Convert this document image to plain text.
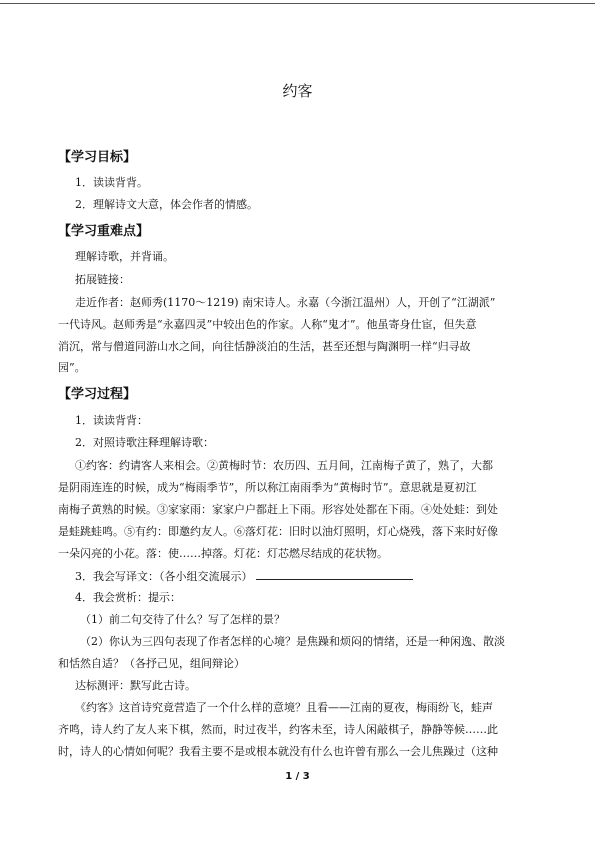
约客
【学习目标】
1．读读背背。
2．理解诗文大意，体会作者的情感。
【学习重难点】
理解诗歌，并背诵。
拓展链接：
走近作者：赵师秀(1170～1219) 南宋诗人。永嘉（今浙江温州）人，开创了“江湖派”
一代诗风。赵师秀是“永嘉四灵”中较出色的作家。人称“鬼才”。他虽寄身仕宦，但失意
消沉，常与僧道同游山水之间，向往恬静淡泊的生活，甚至还想与陶渊明一样“归寻故
园”。
【学习过程】
1．读读背背：
2．对照诗歌注释理解诗歌：
①约客：约请客人来相会。②黄梅时节：农历四、五月间，江南梅子黄了，熟了，大都
是阴雨连连的时候，成为“梅雨季节”，所以称江南雨季为“黄梅时节”。意思就是夏初江
南梅子黄熟的时候。③家家雨：家家户户都赶上下雨。形容处处都在下雨。④处处蛙：到处
是蛙跳蛙鸣。⑤有约：即邀约友人。⑥落灯花：旧时以油灯照明，灯心烧残，落下来时好像
一朵闪亮的小花。落：使……掉落。灯花：灯芯燃尽结成的花状物。
3．我会写译文：（各小组交流展示）
4．我会赏析：提示：
（1）前二句交待了什么？写了怎样的景？
（2）你认为三四句表现了作者怎样的心境？是焦躁和烦闷的情绪，还是一种闲逸、散淡
和恬然自适？（各抒己见，组间辩论）
达标测评：默写此古诗。
《约客》这首诗究竟营造了一个什么样的意境？且看——江南的夏夜，梅雨纷飞，蛙声
齐鸣，诗人约了友人来下棋，然而，时过夜半，约客未至，诗人闲敲棋子，静静等候……此
时，诗人的心情如何呢？我看主要不是或根本就没有什么也许曾有那么一会儿焦躁过（这种
1 / 3
